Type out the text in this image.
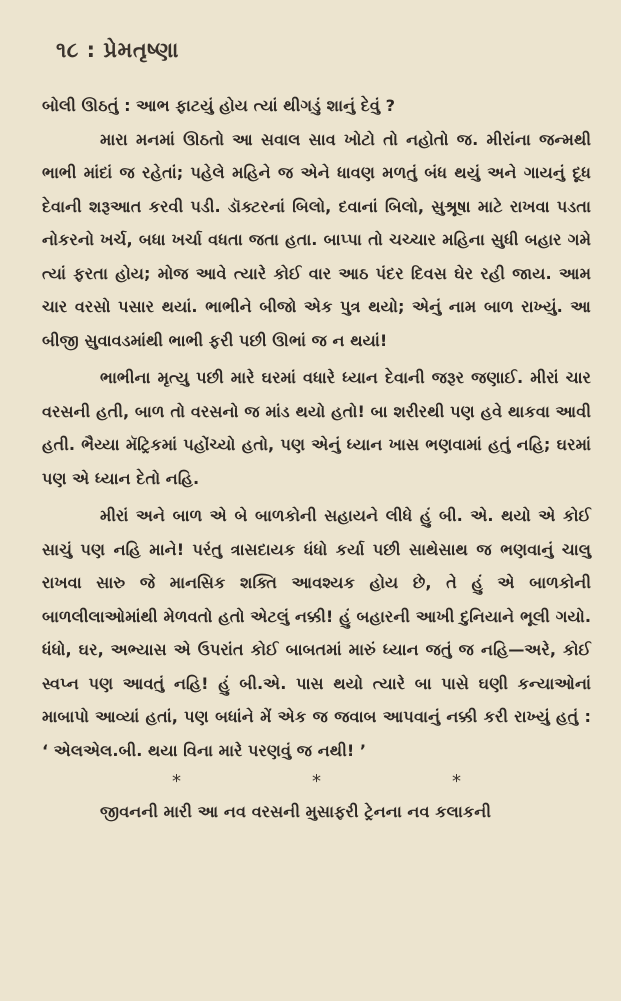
૧૮ : પ્રેમતૃષ્ણા

બોલી ઊઠતું : આભ ફાટયું હોય ત્યાં થીગડું શાનું દેવું ?

મારા મનમાં ઊઠતો આ સવાલ સાવ ખોટો તો નહોતો જ. મીરાંના જન્મથી ભાભી માંદાં જ રહેતાં; પહેલે મહિને જ એને ધાવણ મળતું બંધ થયું અને ગાયનું દૂધ દેવાની શરૂઆત કરવી પડી. ડૉક્ટરનાં બિલો, દવાનાં બિલો, સુશ્રૂષા માટે રાખવા પડતા નોકરનો ખર્ચ, બધા ખર્ચા વધતા જતા હતા. બાપ્પા તો ચચ્ચાર મહિના સુધી બહાર ગમે ત્યાં ફરતા હોય; મોજ આવે ત્યારે કોઈ વાર આઠ પંદર દિવસ ઘેર રહી જાય. આમ ચાર વરસો પસાર થયાં. ભાભીને બીજો એક પુત્ર થયો; એનું નામ બાળ રાખ્યું. આ બીજી સુવાવડમાંથી ભાભી ફરી પછી ઊભાં જ ન થયાં!

ભાભીના મૃત્યુ પછી મારે ઘરમાં વધારે ધ્યાન દેવાની જરૂર જણાઈ. મીરાં ચાર વરસની હતી, બાળ તો વરસનો જ માંડ થયો હતો! બા શરીરથી પણ હવે થાકવા આવી હતી. ભૈય્યા મૅટ્રિકમાં પહોંચ્યો હતો, પણ એનું ધ્યાન ખાસ ભણવામાં હતું નહિ; ઘરમાં પણ એ ધ્યાન દેતો નહિ.

મીરાં અને બાળ એ બે બાળકોની સહાયને લીધે હું બી. એ. થયો એ કોઈ સાચું પણ નહિ માને! પરંતુ ત્રાસદાયક ધંધો કર્યા પછી સાથેસાથ જ ભણવાનું ચાલુ રાખવા સારુ જે માનસિક શક્તિ આવશ્યક હોય છે, તે હું એ બાળકોની બાળલીલાઓમાંથી મેળવતો હતો એટલું નક્કી! હું બહારની આખી દુનિયાને ભૂલી ગયો. ધંધો, ઘર, અભ્યાસ એ ઉપરાંત કોઈ બાબતમાં મારું ધ્યાન જતું જ નહિ—અરે, કોઈ સ્વપ્ન પણ આવતું નહિ! હું બી.એ. પાસ થયો ત્યારે બા પાસે ઘણી કન્યાઓનાં માબાપો આવ્યાં હતાં, પણ બધાંને મેં એક જ જવાબ આપવાનું નક્કી કરી રાખ્યું હતું : ‘ એલએલ.બી. થયા વિના મારે પરણવું જ નથી! ’

*	*	*

જીવનની મારી આ નવ વરસની મુસાફરી ટ્રેનના નવ કલાકની
